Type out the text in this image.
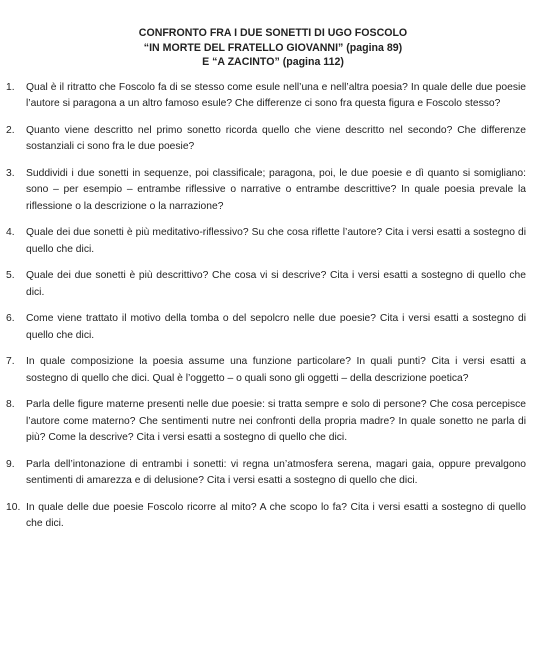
CONFRONTO FRA I DUE SONETTI DI UGO FOSCOLO
“IN MORTE DEL FRATELLO GIOVANNI” (pagina 89)
E “A ZACINTO” (pagina 112)
1.	Qual è il ritratto che Foscolo fa di se stesso come esule nell’una e nell’altra poesia? In quale delle due poesie l’autore si paragona a un altro famoso esule? Che differenze ci sono fra questa figura e Foscolo stesso?
2.	Quanto viene descritto nel primo sonetto ricorda quello che viene descritto nel secondo? Che differenze sostanziali ci sono fra le due poesie?
3.	Suddividi i due sonetti in sequenze, poi classificale; paragona, poi, le due poesie e dì quanto si somigliano: sono – per esempio – entrambe riflessive o narrative o entrambe descrittive? In quale poesia prevale la riflessione o la descrizione o la narrazione?
4.	Quale dei due sonetti è più meditativo-riflessivo? Su che cosa riflette l’autore? Cita i versi esatti a sostegno di quello che dici.
5.	Quale dei due sonetti è più descrittivo? Che cosa vi si descrive? Cita i versi esatti a sostegno di quello che dici.
6.	Come viene trattato il motivo della tomba o del sepolcro nelle due poesie? Cita i versi esatti a sostegno di quello che dici.
7.	In quale composizione la poesia assume una funzione particolare? In quali punti? Cita i versi esatti a sostegno di quello che dici. Qual è l’oggetto – o quali sono gli oggetti – della descrizione poetica?
8.	Parla delle figure materne presenti nelle due poesie: si tratta sempre e solo di persone? Che cosa percepisce l’autore come materno? Che sentimenti nutre nei confronti della propria madre? In quale sonetto ne parla di più? Come la descrive? Cita i versi esatti a sostegno di quello che dici.
9.	Parla dell’intonazione di entrambi i sonetti: vi regna un’atmosfera serena, magari gaia, oppure prevalgono sentimenti di amarezza e di delusione? Cita i versi esatti a sostegno di quello che dici.
10. In quale delle due poesie Foscolo ricorre al mito? A che scopo lo fa? Cita i versi esatti a sostegno di quello che dici.
